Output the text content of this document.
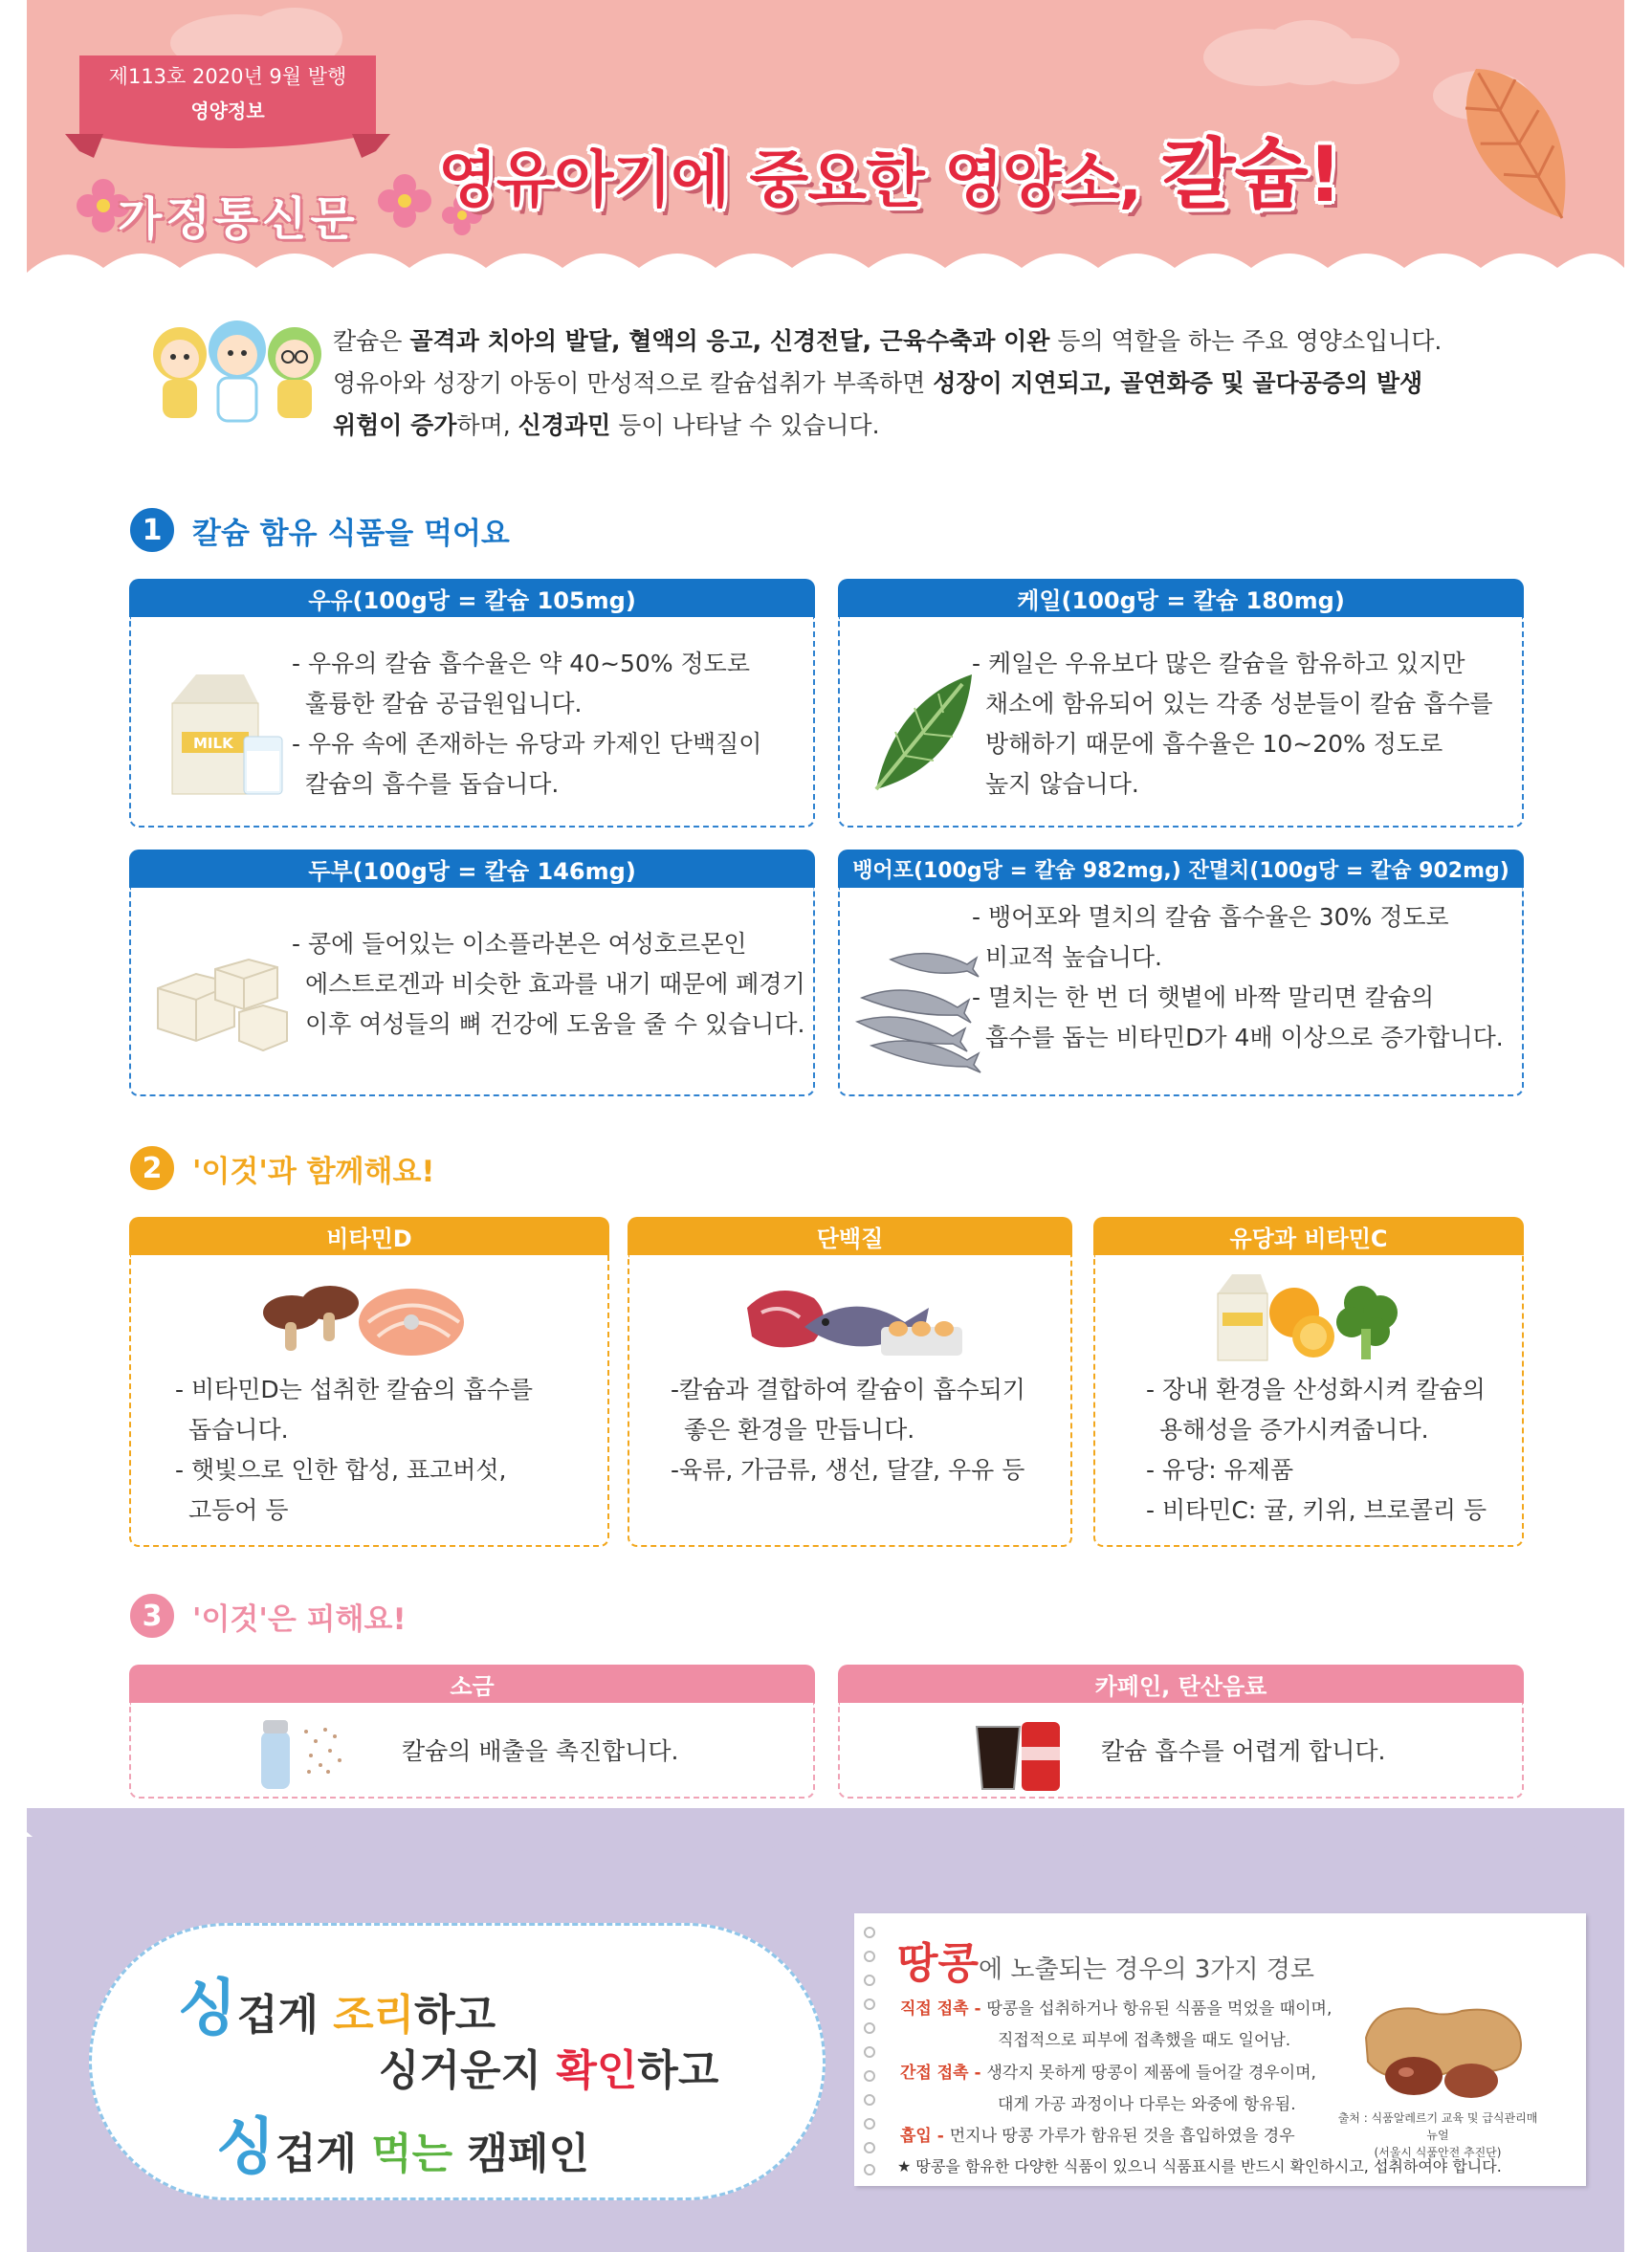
제113호 2020년 9월 발행
영양정보
가정통신문
영유아기에 중요한 영양소, 칼슘!
칼슘은 골격과 치아의 발달, 혈액의 응고, 신경전달, 근육수축과 이완 등의 역할을 하는 주요 영양소입니다.
영유아와 성장기 아동이 만성적으로 칼슘섭취가 부족하면 성장이 지연되고, 골연화증 및 골다공증의 발생
위험이 증가하며, 신경과민 등이 나타날 수 있습니다.
1	칼슘 함유 식품을 먹어요
우유(100g당 = 칼슘 105mg)
MILK
- 우유의 칼슘 흡수율은 약 40~50% 정도로
훌륭한 칼슘 공급원입니다.
- 우유 속에 존재하는 유당과 카제인 단백질이
칼슘의 흡수를 돕습니다.
케일(100g당 = 칼슘 180mg)
- 케일은 우유보다 많은 칼슘을 함유하고 있지만
채소에 함유되어 있는 각종 성분들이 칼슘 흡수를
방해하기 때문에 흡수율은 10~20% 정도로
높지 않습니다.
두부(100g당 = 칼슘 146mg)
- 콩에 들어있는 이소플라본은 여성호르몬인
에스트로겐과 비슷한 효과를 내기 때문에 폐경기
이후 여성들의 뼈 건강에 도움을 줄 수 있습니다.
뱅어포(100g당 = 칼슘 982mg,) 잔멸치(100g당 = 칼슘 902mg)
- 뱅어포와 멸치의 칼슘 흡수율은 30% 정도로
비교적 높습니다.
- 멸치는 한 번 더 햇볕에 바짝 말리면 칼슘의
흡수를 돕는 비타민D가 4배 이상으로 증가합니다.
2	'이것'과 함께해요!
비타민D
- 비타민D는 섭취한 칼슘의 흡수를
돕습니다.
- 햇빛으로 인한 합성, 표고버섯,
고등어 등
단백질
-칼슘과 결합하여 칼슘이 흡수되기
좋은 환경을 만듭니다.
-육류, 가금류, 생선, 달걀, 우유 등
유당과 비타민C
- 장내 환경을 산성화시켜 칼슘의
용해성을 증가시켜줍니다.
- 유당: 유제품
- 비타민C: 귤, 키위, 브로콜리 등
3	'이것'은 피해요!
소금
칼슘의 배출을 촉진합니다.
카페인, 탄산음료
칼슘 흡수를 어렵게 합니다.
싱겁게 조리하고
싱거운지 확인하고
싱겁게 먹는 캠페인
땅콩에 노출되는 경우의 3가지 경로
직접 접촉 - 땅콩을 섭취하거나 항유된 식품을 먹었을 때이며,
직접적으로 피부에 접촉했을 때도 일어남.
간접 접촉 - 생각지 못하게 땅콩이 제품에 들어갈 경우이며,
대게 가공 과정이나 다루는 와중에 항유됨.
흡입 - 먼지나 땅콩 가루가 함유된 것을 흡입하였을 경우
출처 : 식품알레르기 교육 및 급식관리매뉴얼
(서울시 식품안전 추진단)
★ 땅콩을 함유한 다양한 식품이 있으니 식품표시를 반드시 확인하시고, 섭취하여야 합니다.
